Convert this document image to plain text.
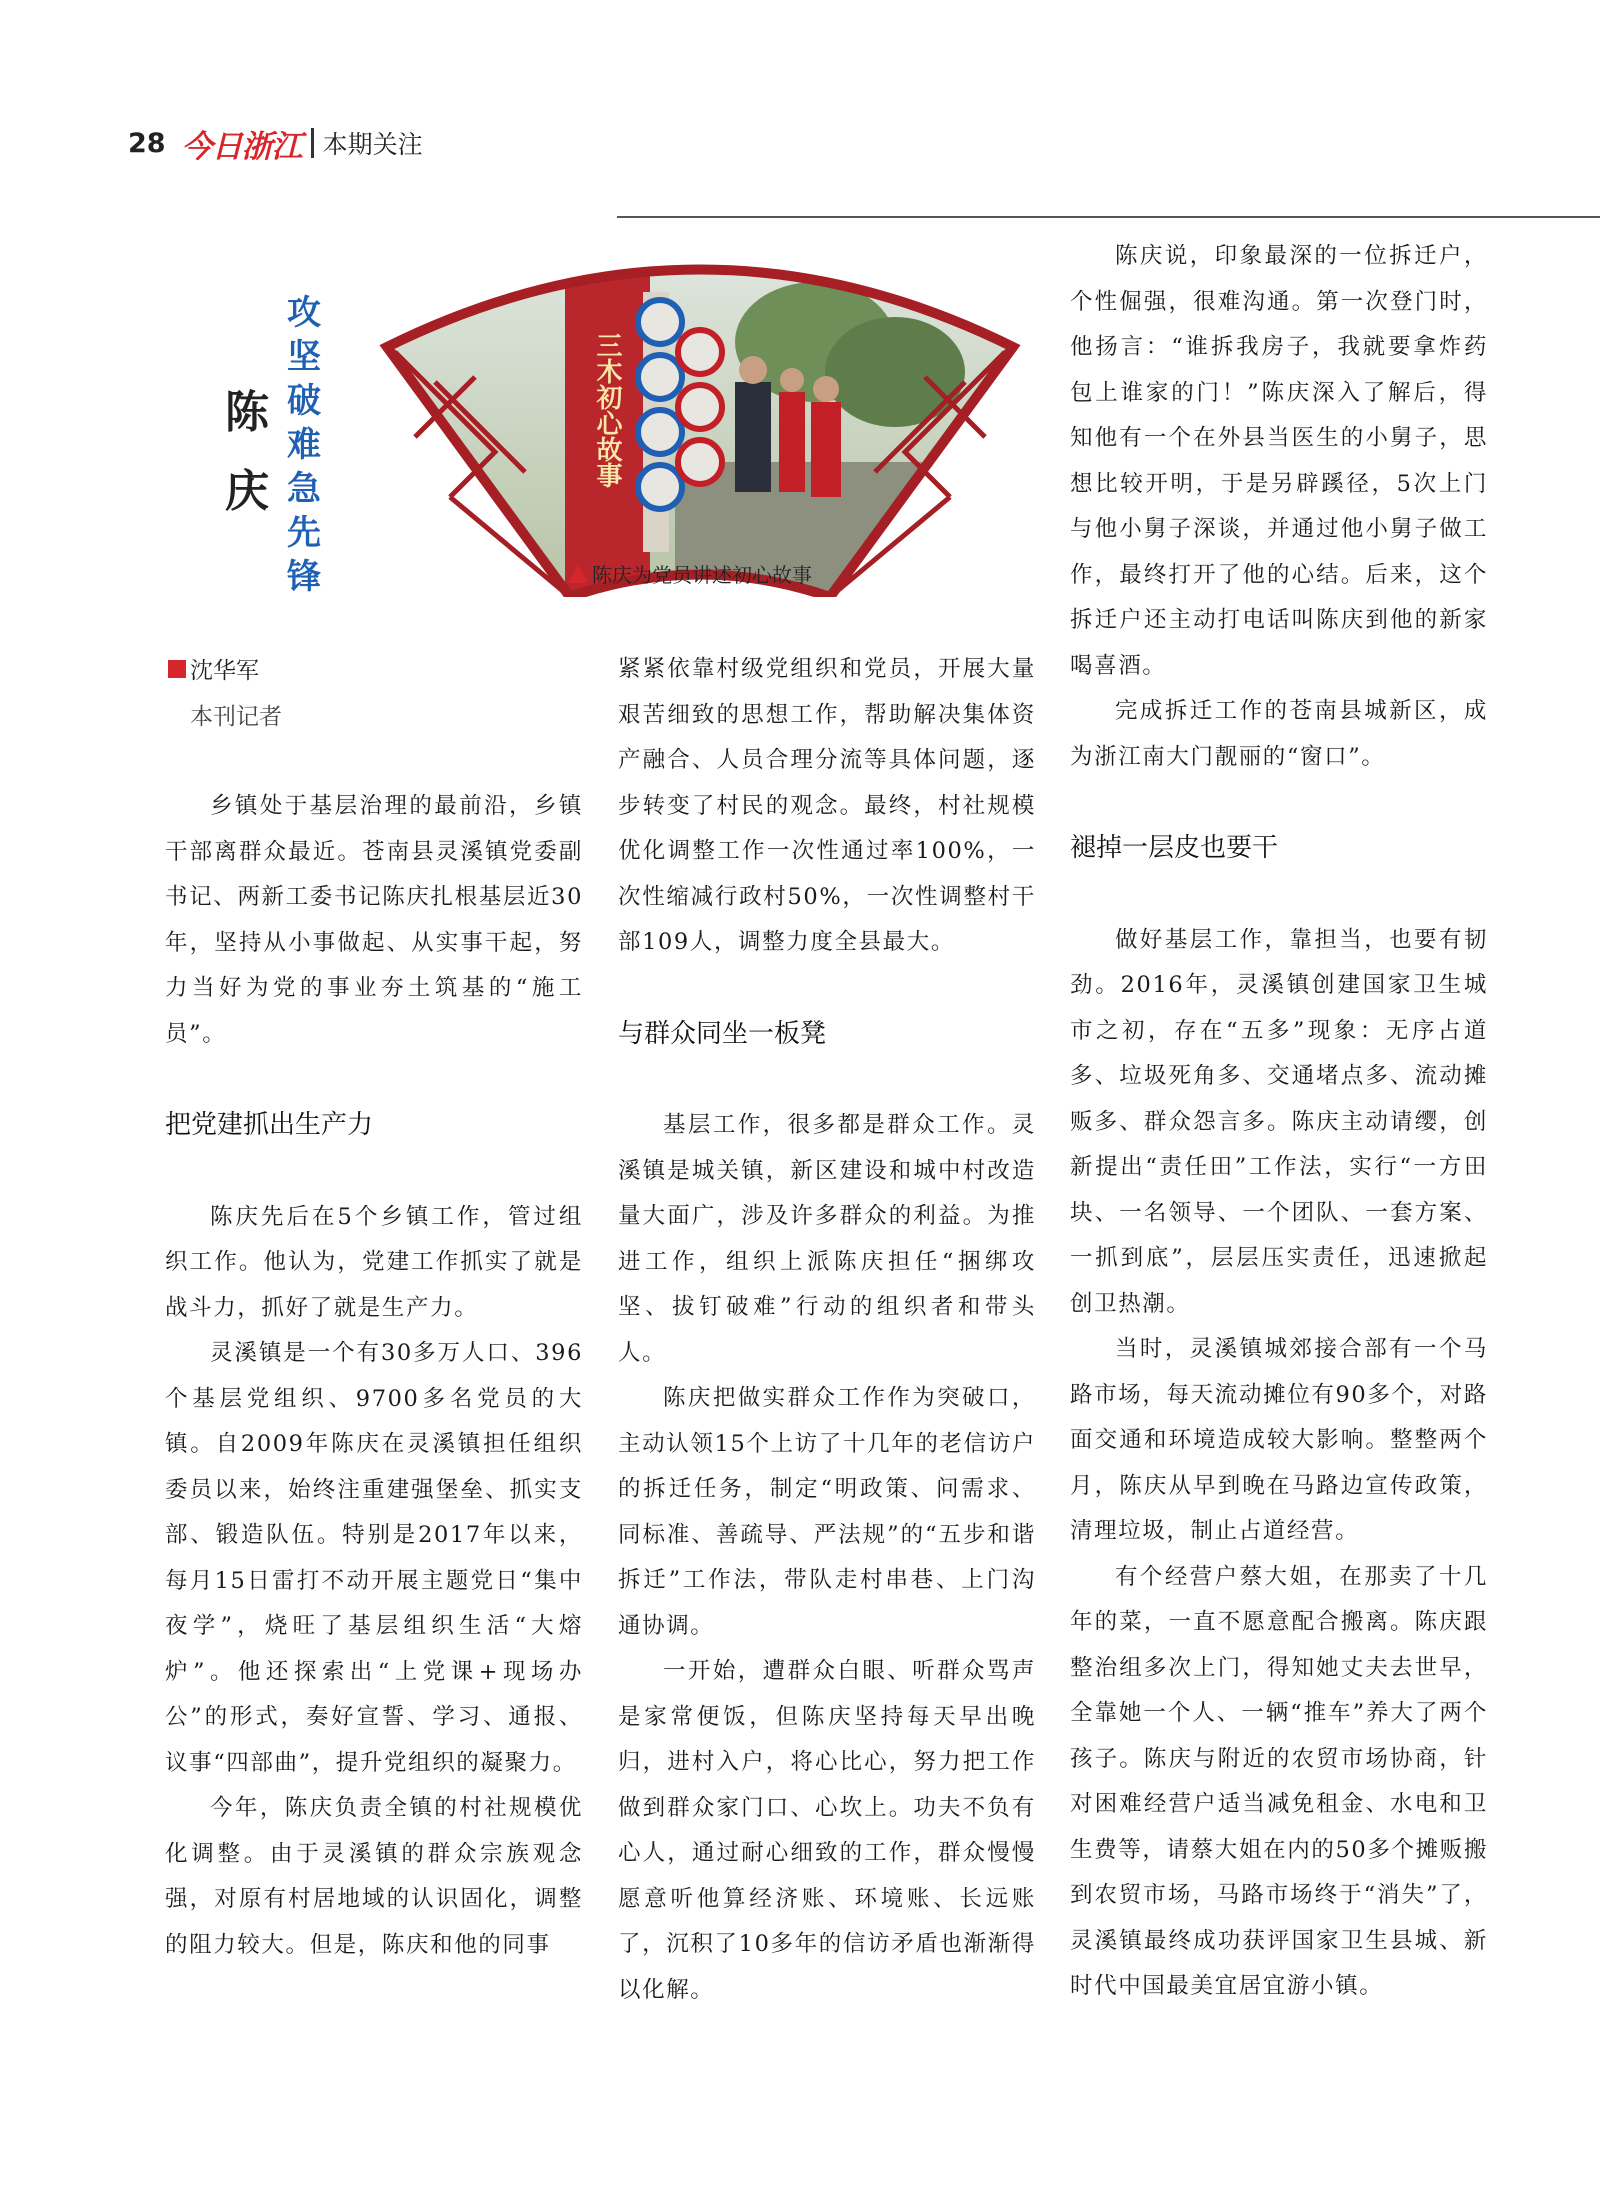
28 今日浙江 本期关注
陈
庆
攻
坚
破
难
急
先
锋
三木初心故事
陈庆为党员讲述初心故事
沈华军
本刊记者

乡镇处于基层治理的最前沿，乡镇干部离群众最近。苍南县灵溪镇党委副书记、两新工委书记陈庆扎根基层近30年，坚持从小事做起、从实事干起，努力当好为党的事业夯土筑基的“施工员”。

把党建抓出生产力

陈庆先后在5个乡镇工作，管过组织工作。他认为，党建工作抓实了就是战斗力，抓好了就是生产力。

灵溪镇是一个有30多万人口、396个基层党组织、9700多名党员的大镇。自2009年陈庆在灵溪镇担任组织委员以来，始终注重建强堡垒、抓实支部、锻造队伍。特别是2017年以来，每月15日雷打不动开展主题党日“集中夜学”，烧旺了基层组织生活“大熔炉”。他还探索出“上党课+现场办公”的形式，奏好宣誓、学习、通报、议事“四部曲”，提升党组织的凝聚力。

今年，陈庆负责全镇的村社规模优化调整。由于灵溪镇的群众宗族观念强，对原有村居地域的认识固化，调整的阻力较大。但是，陈庆和他的同事

紧紧依靠村级党组织和党员，开展大量艰苦细致的思想工作，帮助解决集体资产融合、人员合理分流等具体问题，逐步转变了村民的观念。最终，村社规模优化调整工作一次性通过率100%，一次性缩减行政村50%，一次性调整村干部109人，调整力度全县最大。

与群众同坐一板凳

基层工作，很多都是群众工作。灵溪镇是城关镇，新区建设和城中村改造量大面广，涉及许多群众的利益。为推进工作，组织上派陈庆担任“捆绑攻坚、拔钉破难”行动的组织者和带头人。

陈庆把做实群众工作作为突破口，主动认领15个上访了十几年的老信访户的拆迁任务，制定“明政策、问需求、同标准、善疏导、严法规”的“五步和谐拆迁”工作法，带队走村串巷、上门沟通协调。

一开始，遭群众白眼、听群众骂声是家常便饭，但陈庆坚持每天早出晚归，进村入户，将心比心，努力把工作做到群众家门口、心坎上。功夫不负有心人，通过耐心细致的工作，群众慢慢愿意听他算经济账、环境账、长远账了，沉积了10多年的信访矛盾也渐渐得以化解。

陈庆说，印象最深的一位拆迁户，个性倔强，很难沟通。第一次登门时，他扬言：“谁拆我房子，我就要拿炸药包上谁家的门！”陈庆深入了解后，得知他有一个在外县当医生的小舅子，思想比较开明，于是另辟蹊径，5次上门与他小舅子深谈，并通过他小舅子做工作，最终打开了他的心结。后来，这个拆迁户还主动打电话叫陈庆到他的新家喝喜酒。

完成拆迁工作的苍南县城新区，成为浙江南大门靓丽的“窗口”。

褪掉一层皮也要干

做好基层工作，靠担当，也要有韧劲。2016年，灵溪镇创建国家卫生城市之初，存在“五多”现象：无序占道多、垃圾死角多、交通堵点多、流动摊贩多、群众怨言多。陈庆主动请缨，创新提出“责任田”工作法，实行“一方田块、一名领导、一个团队、一套方案、一抓到底”，层层压实责任，迅速掀起创卫热潮。

当时，灵溪镇城郊接合部有一个马路市场，每天流动摊位有90多个，对路面交通和环境造成较大影响。整整两个月，陈庆从早到晚在马路边宣传政策，清理垃圾，制止占道经营。

有个经营户蔡大姐，在那卖了十几年的菜，一直不愿意配合搬离。陈庆跟整治组多次上门，得知她丈夫去世早，全靠她一个人、一辆“推车”养大了两个孩子。陈庆与附近的农贸市场协商，针对困难经营户适当减免租金、水电和卫生费等，请蔡大姐在内的50多个摊贩搬到农贸市场，马路市场终于“消失”了，灵溪镇最终成功获评国家卫生县城、新时代中国最美宜居宜游小镇。
